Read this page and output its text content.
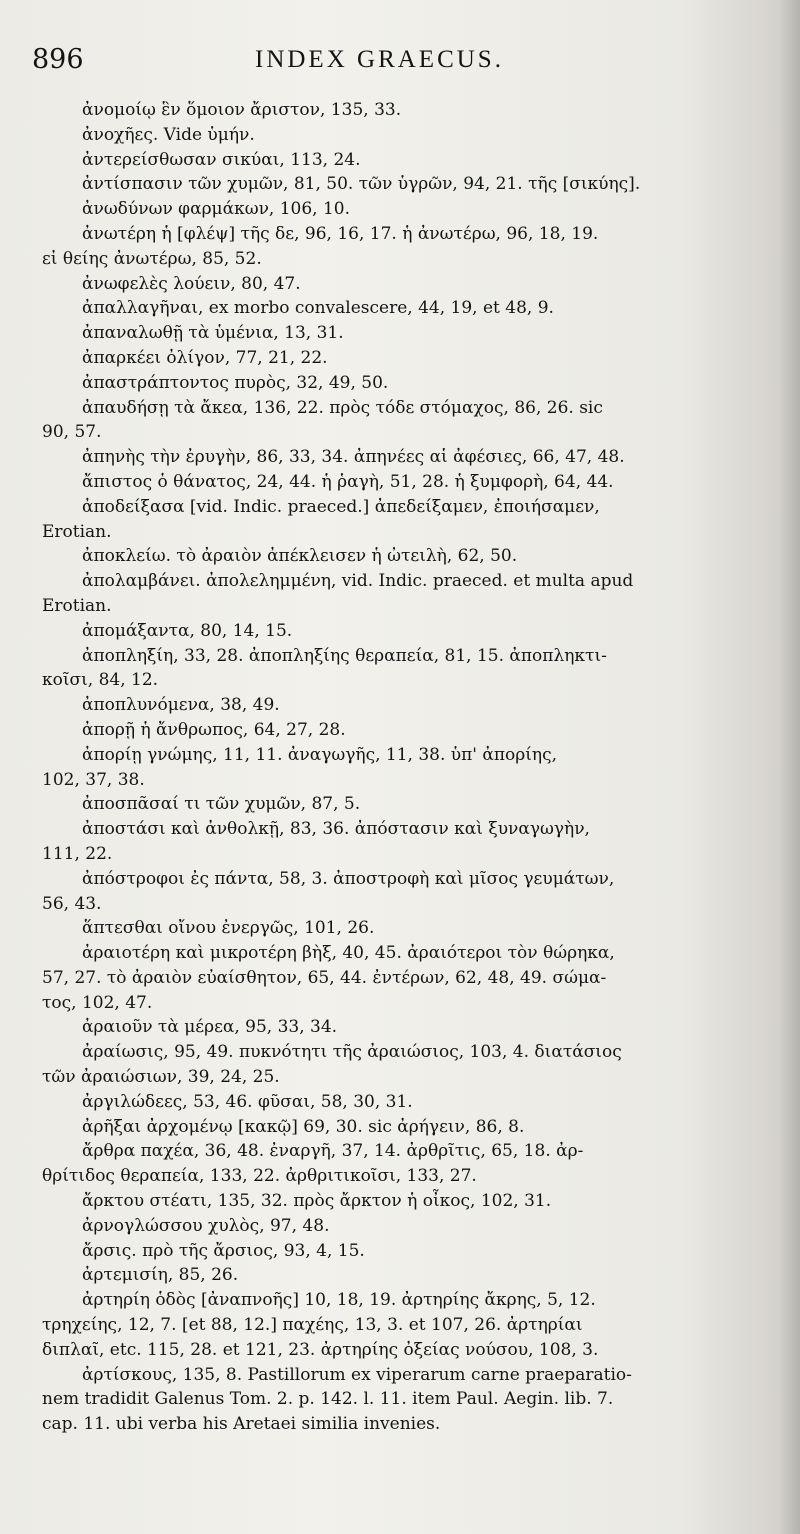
896	INDEX GRAECUS.
ἀνομοίῳ ἓν ὅμοιον ἄριστον, 135, 33.
ἀνοχῆες. Vide ὑμήν.
ἀντερείσθωσαν σικύαι, 113, 24.
ἀντίσπασιν τῶν χυμῶν, 81, 50. τῶν ὑγρῶν, 94, 21. τῆς [σικύης].
ἀνωδύνων φαρμάκων, 106, 10.
ἀνωτέρη ἡ [φλέψ] τῆς δε, 96, 16, 17. ἡ ἀνωτέρω, 96, 18, 19.
εἰ θείης ἀνωτέρω, 85, 52.
ἀνωφελὲς λούειν, 80, 47.
ἀπαλλαγῆναι, ex morbo convalescere, 44, 19, et 48, 9.
ἀπαναλωθῇ τὰ ὑμένια, 13, 31.
ἀπαρκέει ὀλίγον, 77, 21, 22.
ἀπαστράπτοντος πυρὸς, 32, 49, 50.
ἀπαυδήσῃ τὰ ἄκεα, 136, 22. πρὸς τόδε στόμαχος, 86, 26. sic
90, 57.
ἀπηνὴς τὴν ἐρυγὴν, 86, 33, 34. ἀπηνέες αἱ ἀφέσιες, 66, 47, 48.
ἄπιστος ὁ θάνατος, 24, 44. ἡ ῥαγὴ, 51, 28. ἡ ξυμφορὴ, 64, 44.
ἀποδείξασα [vid. Indic. praeced.] ἀπεδείξαμεν, ἐποιήσαμεν,
Erotian.
ἀποκλείω. τὸ ἀραιὸν ἀπέκλεισεν ἡ ὠτειλὴ, 62, 50.
ἀπολαμβάνει. ἀπολελημμένη, vid. Indic. praeced. et multa apud
Erotian.
ἀπομάξαντα, 80, 14, 15.
ἀποπληξίη, 33, 28. ἀποπληξίης θεραπεία, 81, 15. ἀποπληκτι-
κοῖσι, 84, 12.
ἀποπλυνόμενα, 38, 49.
ἀπορῇ ἡ ἄνθρωπος, 64, 27, 28.
ἀπορίῃ γνώμης, 11, 11. ἀναγωγῆς, 11, 38. ὑπ' ἀπορίης,
102, 37, 38.
ἀποσπᾶσαί τι τῶν χυμῶν, 87, 5.
ἀποστάσι καὶ ἀνθολκῇ, 83, 36. ἀπόστασιν καὶ ξυναγωγὴν,
111, 22.
ἀπόστροφοι ἐς πάντα, 58, 3. ἀποστροφὴ καὶ μῖσος γευμάτων,
56, 43.
ἅπτεσθαι οἴνου ἐνεργῶς, 101, 26.
ἀραιοτέρη καὶ μικροτέρη βὴξ, 40, 45. ἀραιότεροι τὸν θώρηκα,
57, 27. τὸ ἀραιὸν εὐαίσθητον, 65, 44. ἐντέρων, 62, 48, 49. σώμα-
τος, 102, 47.
ἀραιοῦν τὰ μέρεα, 95, 33, 34.
ἀραίωσις, 95, 49. πυκνότητι τῆς ἀραιώσιος, 103, 4. διατάσιος
τῶν ἀραιώσιων, 39, 24, 25.
ἀργιλώδεες, 53, 46. φῦσαι, 58, 30, 31.
ἀρῆξαι ἀρχομένῳ [κακῷ] 69, 30. sic ἀρήγειν, 86, 8.
ἄρθρα παχέα, 36, 48. ἐναργῆ, 37, 14. ἀρθρῖτις, 65, 18. ἀρ-
θρίτιδος θεραπεία, 133, 22. ἀρθριτικοῖσι, 133, 27.
ἄρκτου στέατι, 135, 32. πρὸς ἄρκτον ἡ οἶκος, 102, 31.
ἀρνογλώσσου χυλὸς, 97, 48.
ἄρσις. πρὸ τῆς ἄρσιος, 93, 4, 15.
ἀρτεμισίη, 85, 26.
ἀρτηρίη ὁδὸς [ἀναπνοῆς] 10, 18, 19. ἀρτηρίης ἄκρης, 5, 12.
τρηχείης, 12, 7. [et 88, 12.] παχέης, 13, 3. et 107, 26. ἀρτηρίαι
διπλαῖ, etc. 115, 28. et 121, 23. ἀρτηρίης ὀξείας νούσου, 108, 3.
ἀρτίσκους, 135, 8. Pastillorum ex viperarum carne praeparatio-
nem tradidit Galenus Tom. 2. p. 142. l. 11. item Paul. Aegin. lib. 7.
cap. 11. ubi verba his Aretaei similia invenies.
